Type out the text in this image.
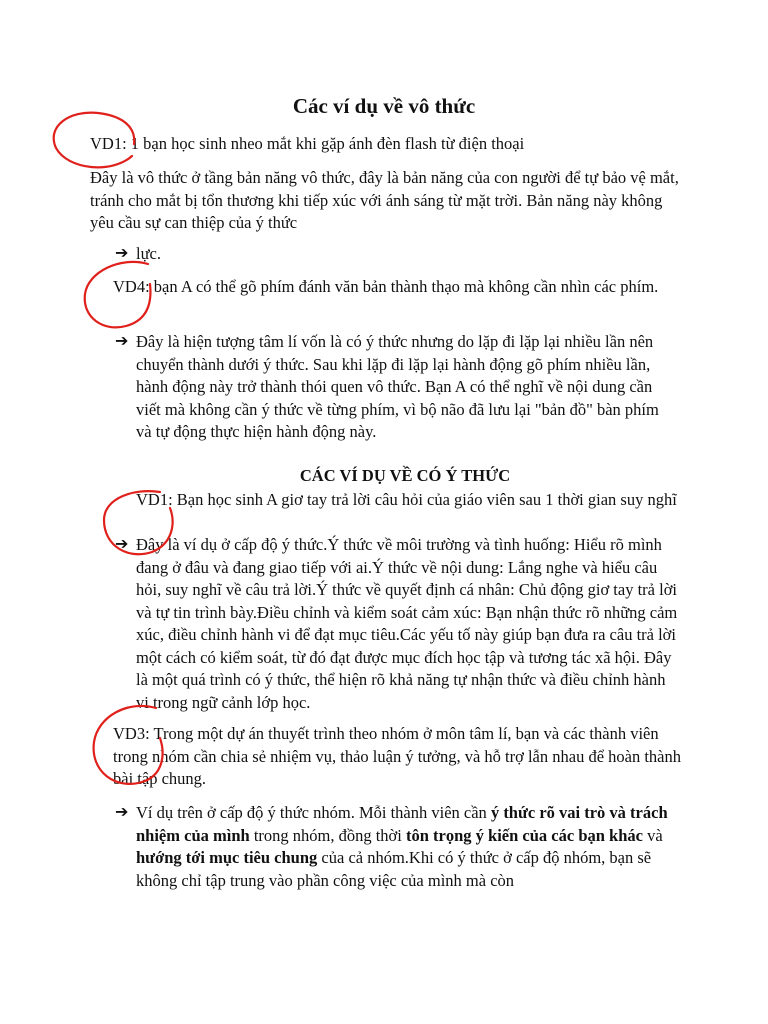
Các ví dụ về vô thức

VD1: 1 bạn học sinh nheo mắt khi gặp ánh đèn flash từ điện thoại

Đây là vô thức ở tầng bản năng vô thức, đây là bản năng của con người để tự bảo vệ mắt, tránh cho mắt bị tổn thương khi tiếp xúc với ánh sáng từ mặt trời. Bản năng này không yêu cầu sự can thiệp của ý thức

➔ lực.

VD4: bạn A có thể gõ phím đánh văn bản thành thạo mà không cần nhìn các phím.

➔ Đây là hiện tượng tâm lí vốn là có ý thức nhưng do lặp đi lặp lại nhiều lần nên chuyển thành dưới ý thức. Sau khi lặp đi lặp lại hành động gõ phím nhiều lần, hành động này trở thành thói quen vô thức. Bạn A có thể nghĩ về nội dung cần viết mà không cần ý thức về từng phím, vì bộ não đã lưu lại "bản đồ" bàn phím và tự động thực hiện hành động này.

CÁC VÍ DỤ VỀ CÓ Ý THỨC

VD1: Bạn học sinh A giơ tay trả lời câu hỏi của giáo viên sau 1 thời gian suy nghĩ

➔ Đây là ví dụ ở cấp độ ý thức.Ý thức về môi trường và tình huống: Hiểu rõ mình đang ở đâu và đang giao tiếp với ai.Ý thức về nội dung: Lắng nghe và hiểu câu hỏi, suy nghĩ về câu trả lời.Ý thức về quyết định cá nhân: Chủ động giơ tay trả lời và tự tin trình bày.Điều chỉnh và kiểm soát cảm xúc: Bạn nhận thức rõ những cảm xúc, điều chỉnh hành vi để đạt mục tiêu.Các yếu tố này giúp bạn đưa ra câu trả lời một cách có kiểm soát, từ đó đạt được mục đích học tập và tương tác xã hội. Đây là một quá trình có ý thức, thể hiện rõ khả năng tự nhận thức và điều chỉnh hành vi trong ngữ cảnh lớp học.

VD3: Trong một dự án thuyết trình theo nhóm ở môn tâm lí, bạn và các thành viên trong nhóm cần chia sẻ nhiệm vụ, thảo luận ý tưởng, và hỗ trợ lẫn nhau để hoàn thành bài tập chung.

➔ Ví dụ trên ở cấp độ ý thức nhóm. Mỗi thành viên cần ý thức rõ vai trò và trách nhiệm của mình trong nhóm, đồng thời tôn trọng ý kiến của các bạn khác và hướng tới mục tiêu chung của cả nhóm.Khi có ý thức ở cấp độ nhóm, bạn sẽ không chỉ tập trung vào phần công việc của mình mà còn
